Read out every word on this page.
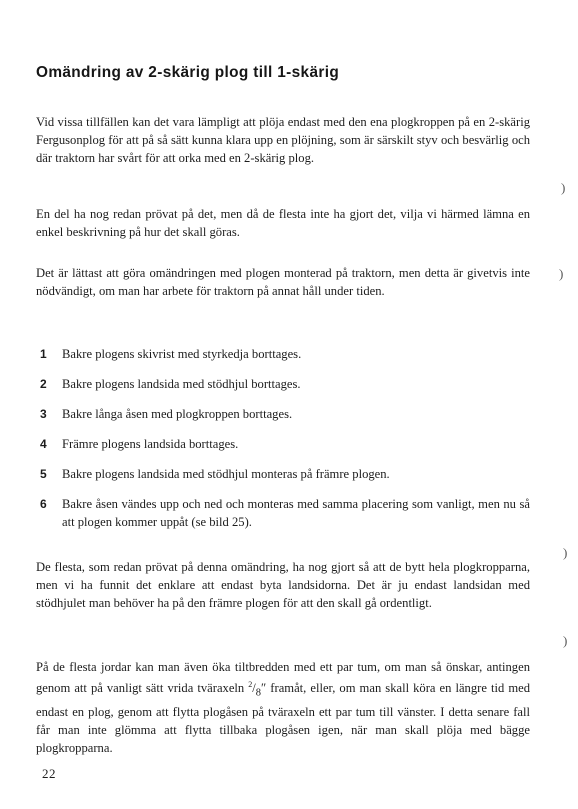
Omändring av 2-skärig plog till 1-skärig

Vid vissa tillfällen kan det vara lämpligt att plöja endast med den ena plogkroppen på en 2-skärig Fergusonplog för att på så sätt kunna klara upp en plöjning, som är särskilt styv och besvärlig och där traktorn har svårt för att orka med en 2-skärig plog.

En del ha nog redan prövat på det, men då de flesta inte ha gjort det, vilja vi härmed lämna en enkel beskrivning på hur det skall göras.

Det är lättast att göra omändringen med plogen monterad på traktorn, men detta är givetvis inte nödvändigt, om man har arbete för traktorn på annat håll under tiden.

1 Bakre plogens skivrist med styrkedja borttages.
2 Bakre plogens landsida med stödhjul borttages.
3 Bakre långa åsen med plogkroppen borttages.
4 Främre plogens landsida borttages.
5 Bakre plogens landsida med stödhjul monteras på främre plogen.
6 Bakre åsen vändes upp och ned och monteras med samma placering som vanligt, men nu så att plogen kommer uppåt (se bild 25).

De flesta, som redan prövat på denna omändring, ha nog gjort så att de bytt hela plogkropparna, men vi ha funnit det enklare att endast byta landsidorna. Det är ju endast landsidan med stödhjulet man behöver ha på den främre plogen för att den skall gå ordentligt.

På de flesta jordar kan man även öka tiltbredden med ett par tum, om man så önskar, antingen genom att på vanligt sätt vrida tväraxeln $^2/_8''$ framåt, eller, om man skall köra en längre tid med endast en plog, genom att flytta plogåsen på tväraxeln ett par tum till vänster. I detta senare fall får man inte glömma att flytta tillbaka plogåsen igen, när man skall plöja med bägge plogkropparna.

22
)
)
)
)
